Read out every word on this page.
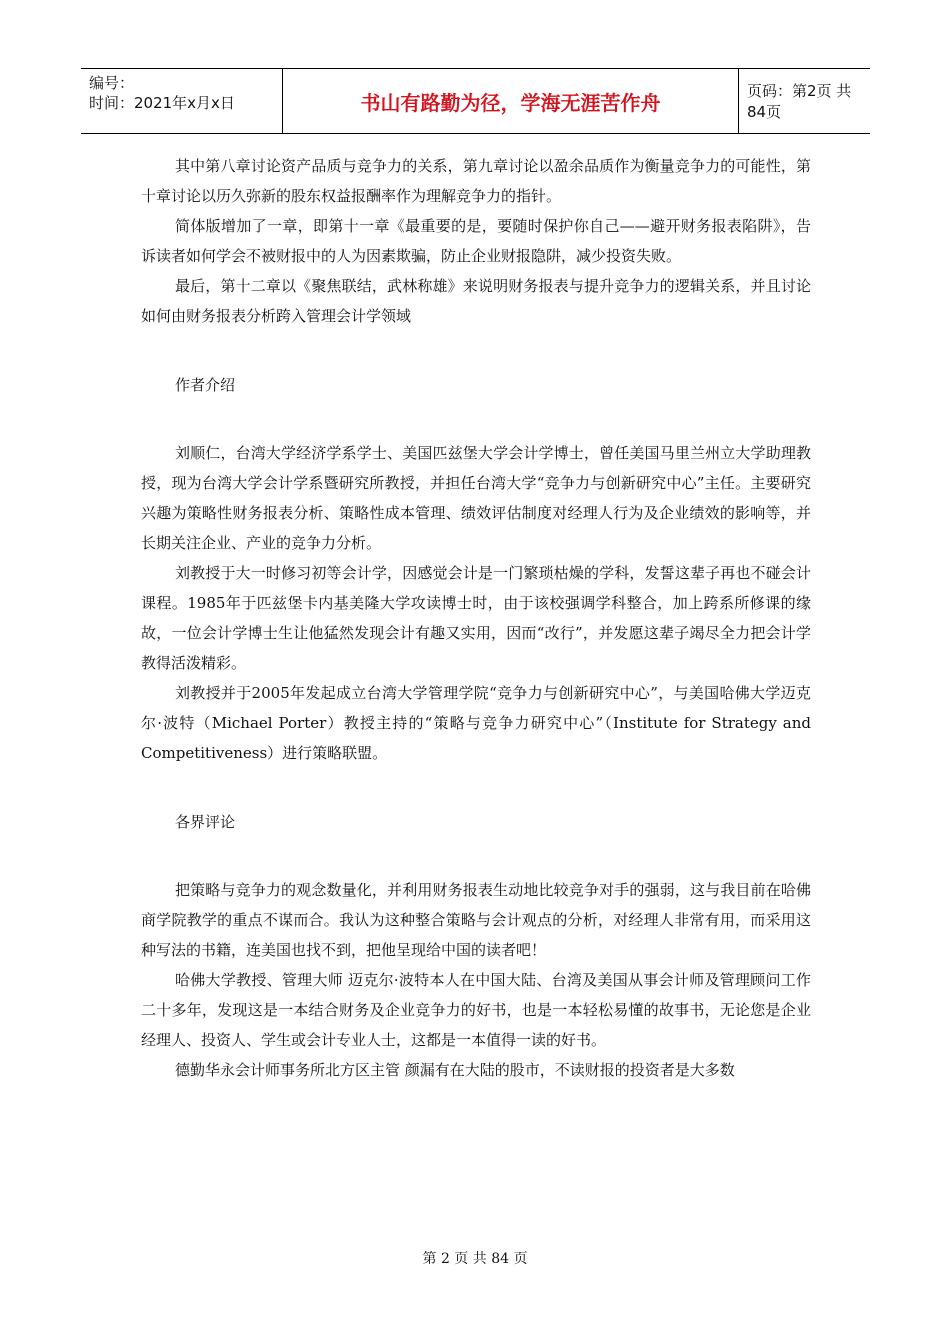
编号：
时间：2021年x月x日	书山有路勤为径，学海无涯苦作舟	页码：第2页 共84页

其中第八章讨论资产品质与竞争力的关系，第九章讨论以盈余品质作为衡量竞争力的可能性，第十章讨论以历久弥新的股东权益报酬率作为理解竞争力的指针。

简体版增加了一章，即第十一章《最重要的是，要随时保护你自己——避开财务报表陷阱》，告诉读者如何学会不被财报中的人为因素欺骗，防止企业财报隐阱，减少投资失败。

最后，第十二章以《聚焦联结，武林称雄》来说明财务报表与提升竞争力的逻辑关系，并且讨论如何由财务报表分析跨入管理会计学领域

作者介绍

刘顺仁，台湾大学经济学系学士、美国匹兹堡大学会计学博士，曾任美国马里兰州立大学助理教授，现为台湾大学会计学系暨研究所教授，并担任台湾大学“竞争力与创新研究中心”主任。主要研究兴趣为策略性财务报表分析、策略性成本管理、绩效评估制度对经理人行为及企业绩效的影响等，并长期关注企业、产业的竞争力分析。

刘教授于大一时修习初等会计学，因感觉会计是一门繁琐枯燥的学科，发誓这辈子再也不碰会计课程。1985年于匹兹堡卡内基美隆大学攻读博士时，由于该校强调学科整合，加上跨系所修课的缘故，一位会计学博士生让他猛然发现会计有趣又实用，因而“改行”，并发愿这辈子竭尽全力把会计学教得活泼精彩。

刘教授并于2005年发起成立台湾大学管理学院“竞争力与创新研究中心”，与美国哈佛大学迈克尔·波特（Michael Porter）教授主持的“策略与竞争力研究中心”（Institute for Strategy and Competitiveness）进行策略联盟。

各界评论

把策略与竞争力的观念数量化，并利用财务报表生动地比较竞争对手的强弱，这与我目前在哈佛商学院教学的重点不谋而合。我认为这种整合策略与会计观点的分析，对经理人非常有用，而采用这种写法的书籍，连美国也找不到，把他呈现给中国的读者吧！

哈佛大学教授、管理大师 迈克尔·波特本人在中国大陆、台湾及美国从事会计师及管理顾问工作二十多年，发现这是一本结合财务及企业竞争力的好书，也是一本轻松易懂的故事书，无论您是企业经理人、投资人、学生或会计专业人士，这都是一本值得一读的好书。

德勤华永会计师事务所北方区主管 颜漏有在大陆的股市，不读财报的投资者是大多数

第 2 页 共 84 页
